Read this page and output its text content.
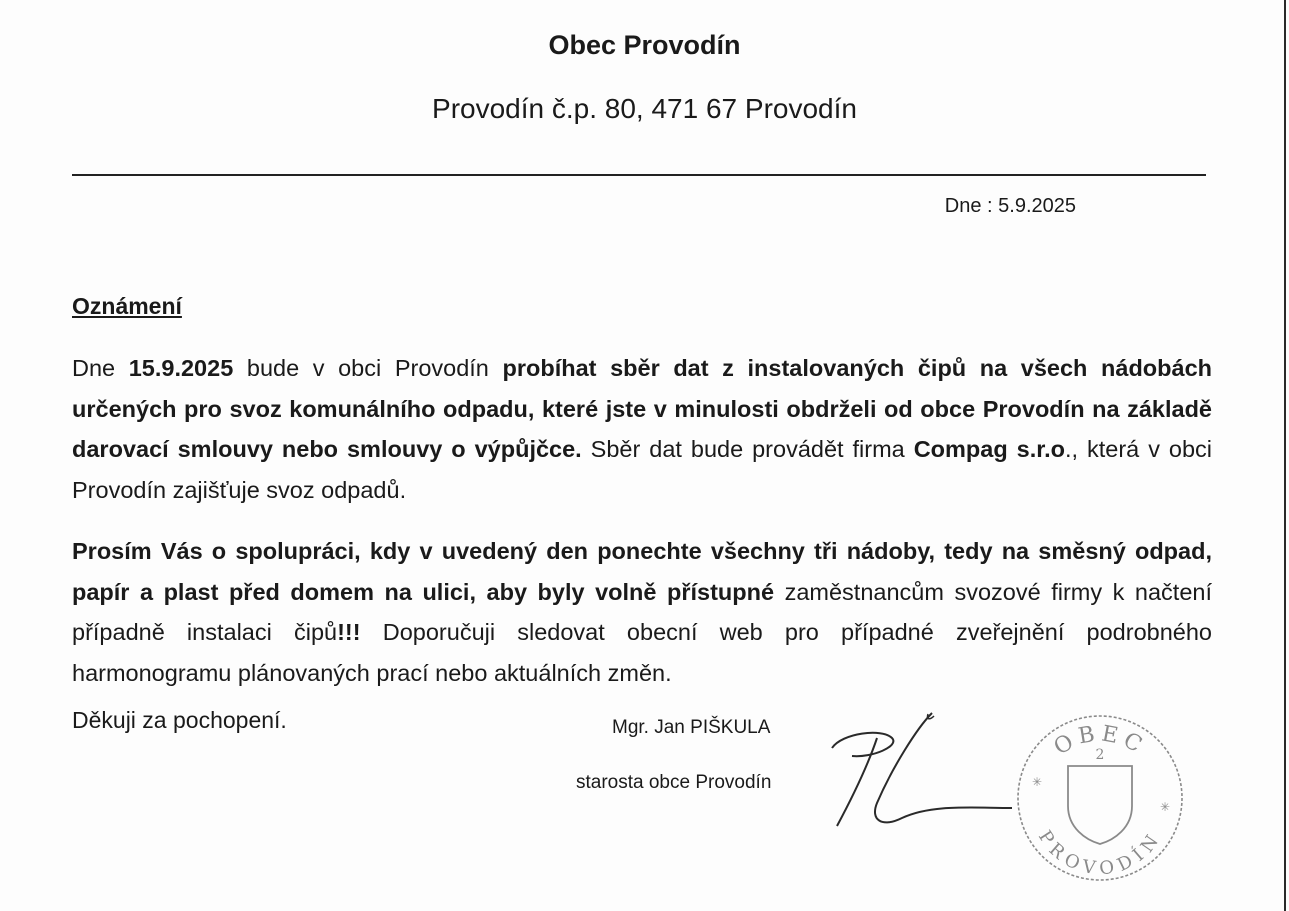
Obec Provodín
Provodín č.p. 80, 471 67 Provodín
Dne : 5.9.2025
Oznámení
Dne 15.9.2025 bude v obci Provodín probíhat sběr dat z instalovaných čipů na všech nádobách určených pro svoz komunálního odpadu, které jste v minulosti obdrželi od obce Provodín na základě darovací smlouvy nebo smlouvy o výpůjčce. Sběr dat bude provádět firma Compag s.r.o., která v obci Provodín zajišťuje svoz odpadů.
Prosím Vás o spolupráci, kdy v uvedený den ponechte všechny tři nádoby, tedy na směsný odpad, papír a plast před domem na ulici, aby byly volně přístupné zaměstnancům svozové firmy k načtení případně instalaci čipů!!! Doporučuji sledovat obecní web pro případné zveřejnění podrobného harmonogramu plánovaných prací nebo aktuálních změn.
Děkuji za pochopení.	Mgr. Jan PIŠKULA
starosta obce Provodín
OBEC
PROVODÍN
2
✳
✳
